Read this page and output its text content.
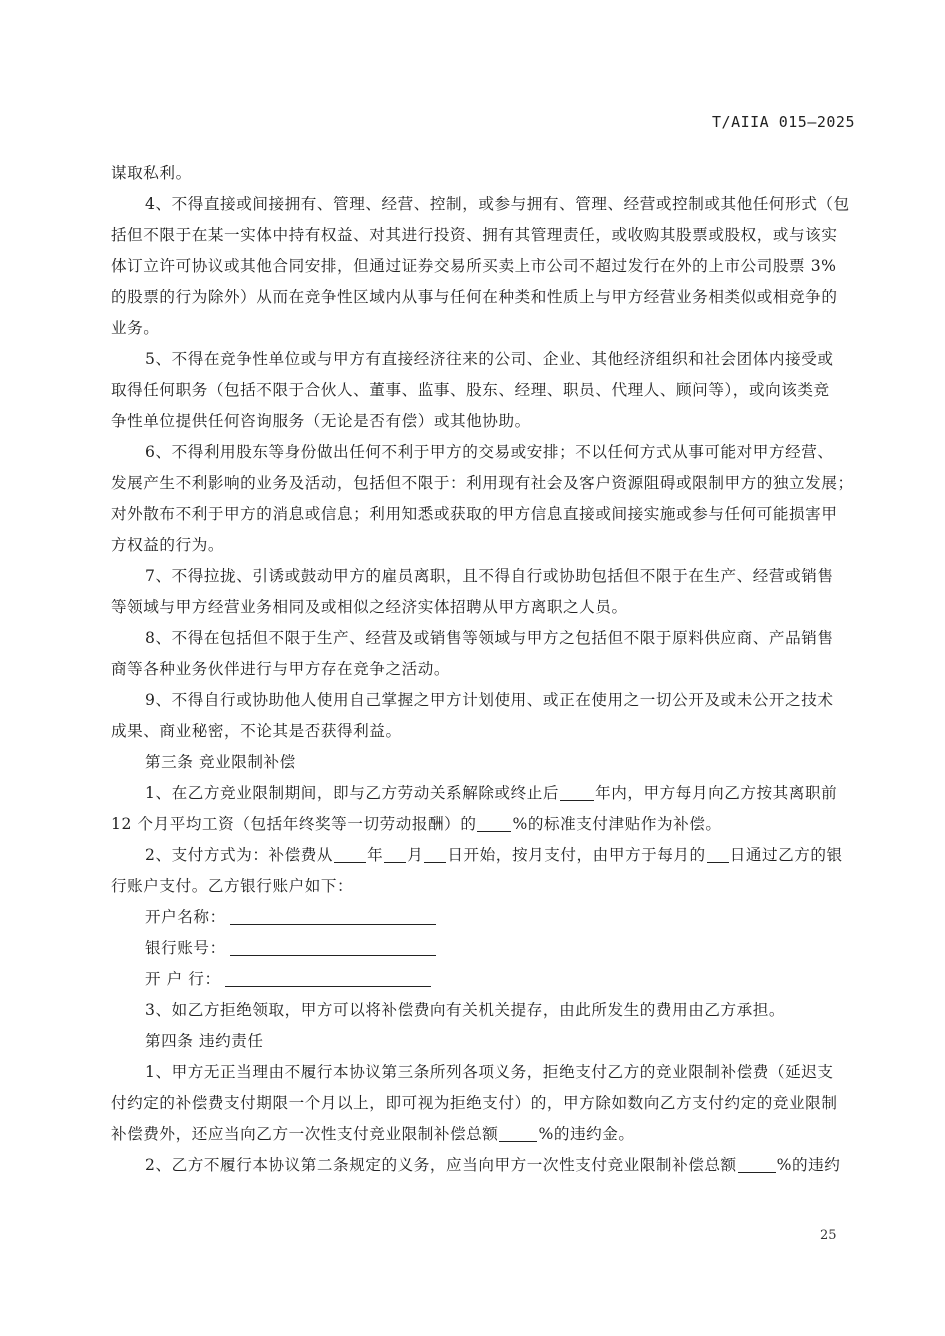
T/AIIA 015—2025
谋取私利。
4、不得直接或间接拥有、管理、经营、控制，或参与拥有、管理、经营或控制或其他任何形式（包
括但不限于在某一实体中持有权益、对其进行投资、拥有其管理责任，或收购其股票或股权，或与该实
体订立许可协议或其他合同安排，但通过证券交易所买卖上市公司不超过发行在外的上市公司股票 3%
的股票的行为除外）从而在竞争性区域内从事与任何在种类和性质上与甲方经营业务相类似或相竞争的
业务。
5、不得在竞争性单位或与甲方有直接经济往来的公司、企业、其他经济组织和社会团体内接受或
取得任何职务（包括不限于合伙人、董事、监事、股东、经理、职员、代理人、顾问等），或向该类竞
争性单位提供任何咨询服务（无论是否有偿）或其他协助。
6、不得利用股东等身份做出任何不利于甲方的交易或安排；不以任何方式从事可能对甲方经营、
发展产生不利影响的业务及活动，包括但不限于：利用现有社会及客户资源阻碍或限制甲方的独立发展；
对外散布不利于甲方的消息或信息；利用知悉或获取的甲方信息直接或间接实施或参与任何可能损害甲
方权益的行为。
7、不得拉拢、引诱或鼓动甲方的雇员离职，且不得自行或协助包括但不限于在生产、经营或销售
等领域与甲方经营业务相同及或相似之经济实体招聘从甲方离职之人员。
8、不得在包括但不限于生产、经营及或销售等领域与甲方之包括但不限于原料供应商、产品销售
商等各种业务伙伴进行与甲方存在竞争之活动。
9、不得自行或协助他人使用自己掌握之甲方计划使用、或正在使用之一切公开及或未公开之技术
成果、商业秘密，不论其是否获得利益。
第三条 竞业限制补偿
1、在乙方竞业限制期间，即与乙方劳动关系解除或终止后 年内，甲方每月向乙方按其离职前
12 个月平均工资（包括年终奖等一切劳动报酬）的 %的标准支付津贴作为补偿。
2、支付方式为：补偿费从 年 月 日开始，按月支付，由甲方于每月的 日通过乙方的银
行账户支付。乙方银行账户如下：
开户名称：
银行账号：
开 户 行：
3、如乙方拒绝领取，甲方可以将补偿费向有关机关提存，由此所发生的费用由乙方承担。
第四条 违约责任
1、甲方无正当理由不履行本协议第三条所列各项义务，拒绝支付乙方的竞业限制补偿费（延迟支
付约定的补偿费支付期限一个月以上，即可视为拒绝支付）的，甲方除如数向乙方支付约定的竞业限制
补偿费外，还应当向乙方一次性支付竞业限制补偿总额	%的违约金。
2、乙方不履行本协议第二条规定的义务，应当向甲方一次性支付竞业限制补偿总额	%的违约
25
